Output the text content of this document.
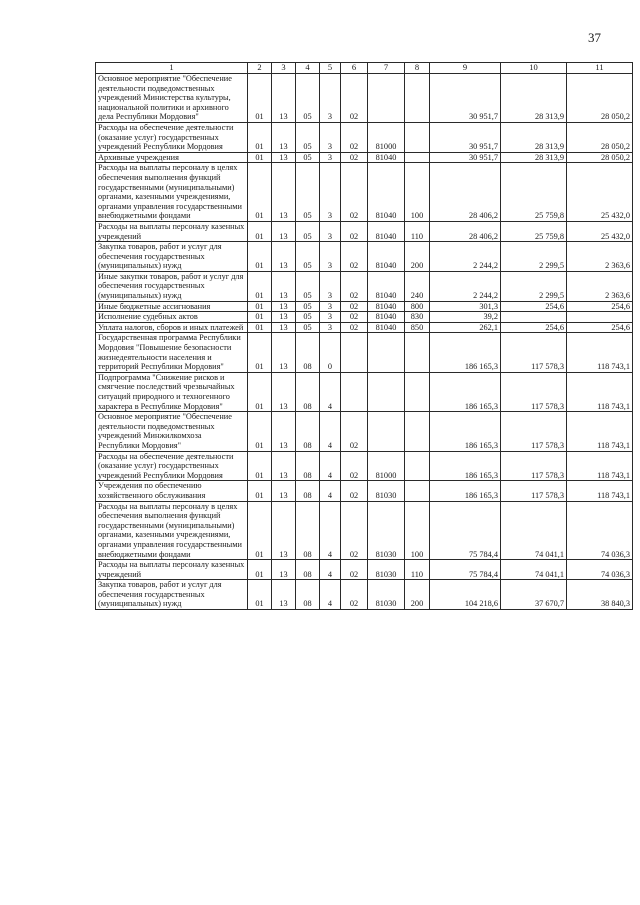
37
1	2	3	4	5	6	7	8	9	10	11
Основное мероприятие "Обеспечение деятельности подведомственных учреждений Министерства культуры, национальной политики и архивного дела Республики Мордовия"	01	13	05	3	02			30 951,7	28 313,9	28 050,2
Расходы на обеспечение деятельности (оказание услуг) государственных учреждений Республики Мордовия	01	13	05	3	02	81000		30 951,7	28 313,9	28 050,2
Архивные учреждения	01	13	05	3	02	81040		30 951,7	28 313,9	28 050,2
Расходы на выплаты персоналу в целях обеспечения выполнения функций государственными (муниципальными) органами, казенными учреждениями, органами управления государственными внебюджетными фондами	01	13	05	3	02	81040	100	28 406,2	25 759,8	25 432,0
Расходы на выплаты персоналу казенных учреждений	01	13	05	3	02	81040	110	28 406,2	25 759,8	25 432,0
Закупка товаров, работ и услуг для обеспечения государственных (муниципальных) нужд	01	13	05	3	02	81040	200	2 244,2	2 299,5	2 363,6
Иные закупки товаров, работ и услуг для обеспечения государственных (муниципальных) нужд	01	13	05	3	02	81040	240	2 244,2	2 299,5	2 363,6
Иные бюджетные ассигнования	01	13	05	3	02	81040	800	301,3	254,6	254,6
Исполнение судебных актов	01	13	05	3	02	81040	830	39,2		
Уплата налогов, сборов и иных платежей	01	13	05	3	02	81040	850	262,1	254,6	254,6
Государственная программа Республики Мордовия "Повышение безопасности жизнедеятельности населения и территорий Республики Мордовия"	01	13	08	0				186 165,3	117 578,3	118 743,1
Подпрограмма "Снижение рисков и смягчение последствий чрезвычайных ситуаций природного и техногенного характера в Республике Мордовия"	01	13	08	4				186 165,3	117 578,3	118 743,1
Основное мероприятие "Обеспечение деятельности подведомственных учреждений Минжилкомхоза Республики Мордовия"	01	13	08	4	02			186 165,3	117 578,3	118 743,1
Расходы на обеспечение деятельности (оказание услуг) государственных учреждений Республики Мордовия	01	13	08	4	02	81000		186 165,3	117 578,3	118 743,1
Учреждения по обеспечению хозяйственного обслуживания	01	13	08	4	02	81030		186 165,3	117 578,3	118 743,1
Расходы на выплаты персоналу в целях обеспечения выполнения функций государственными (муниципальными) органами, казенными учреждениями, органами управления государственными внебюджетными фондами	01	13	08	4	02	81030	100	75 784,4	74 041,1	74 036,3
Расходы на выплаты персоналу казенных учреждений	01	13	08	4	02	81030	110	75 784,4	74 041,1	74 036,3
Закупка товаров, работ и услуг для обеспечения государственных (муниципальных) нужд	01	13	08	4	02	81030	200	104 218,6	37 670,7	38 840,3
